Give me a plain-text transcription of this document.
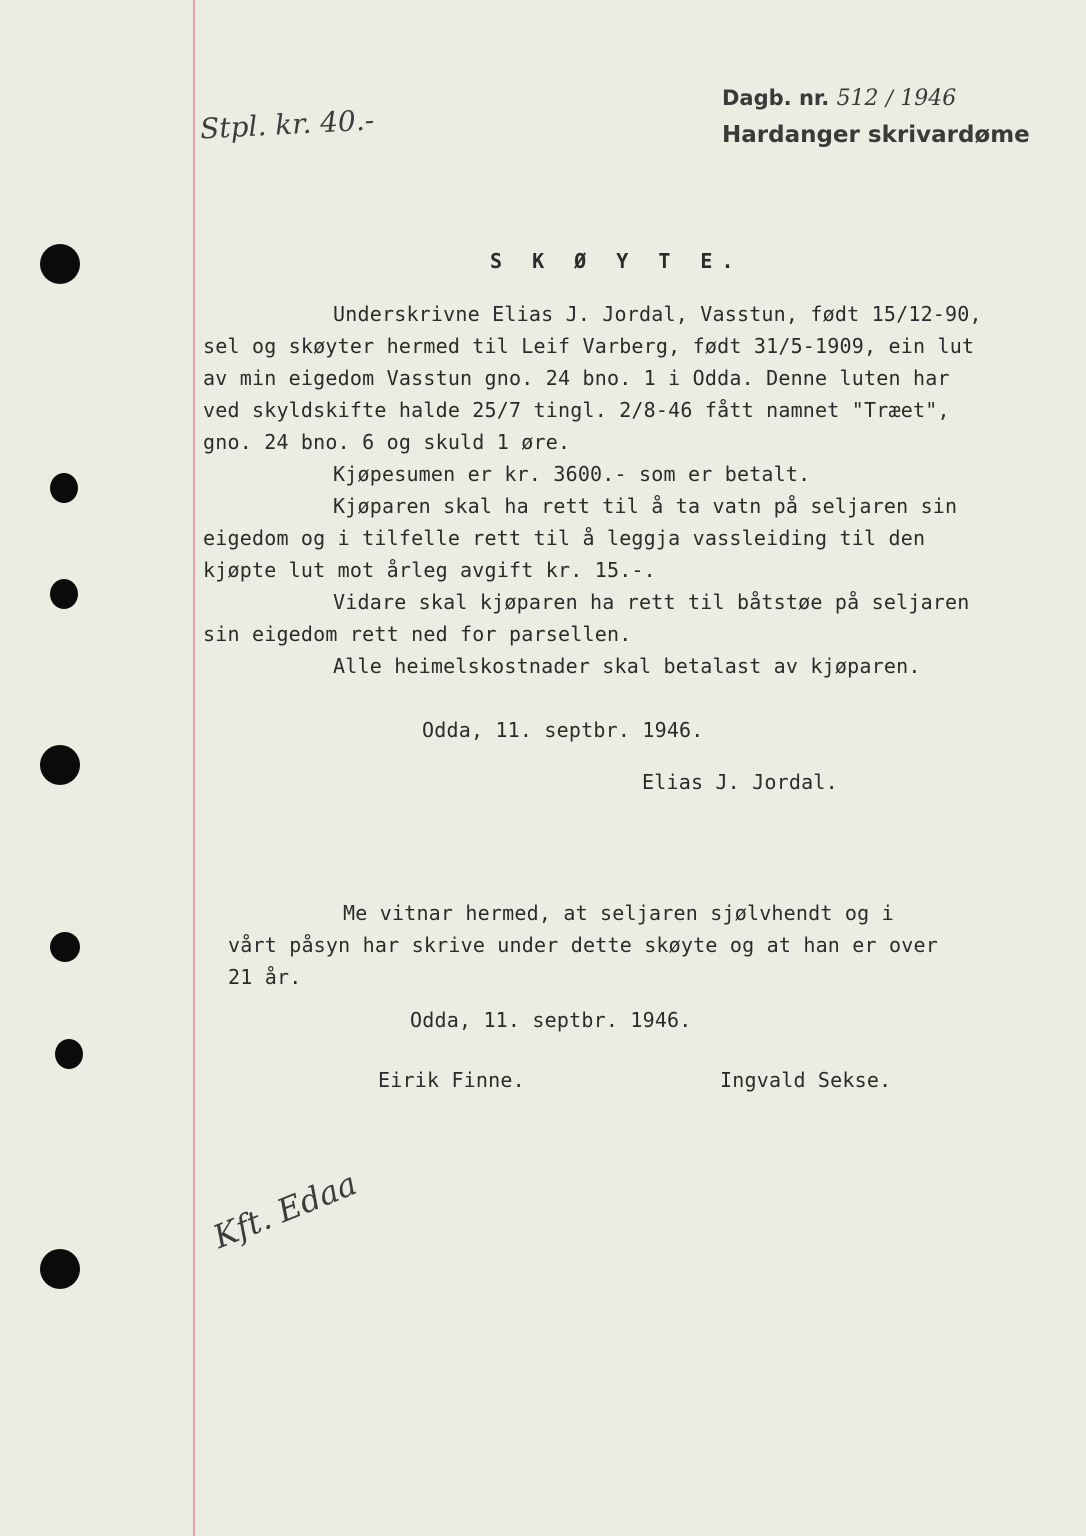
Stpl. kr. 40.-
Dagb. nr. 512 / 1946
Hardanger skrivardøme
S K Ø Y T E.
Underskrivne Elias J. Jordal, Vasstun, født 15/12-90,
sel og skøyter hermed til Leif Varberg, født 31/5-1909, ein lut
av min eigedom Vasstun gno. 24 bno. 1 i Odda. Denne luten har
ved skyldskifte halde 25/7 tingl. 2/8-46 fått namnet "Træet",
gno. 24 bno. 6 og skuld 1 øre.
Kjøpesumen er kr. 3600.- som er betalt.
Kjøparen skal ha rett til å ta vatn på seljaren sin
eigedom og i tilfelle rett til å leggja vassleiding til den
kjøpte lut mot årleg avgift kr. 15.-.
Vidare skal kjøparen ha rett til båtstøe på seljaren
sin eigedom rett ned for parsellen.
Alle heimelskostnader skal betalast av kjøparen.
Odda, 11. septbr. 1946.
Elias J. Jordal.
Me vitnar hermed, at seljaren sjølvhendt og i
vårt påsyn har skrive under dette skøyte og at han er over
21 år.
Odda, 11. septbr. 1946.
Eirik Finne.	Ingvald Sekse.
Kft. Edaa
